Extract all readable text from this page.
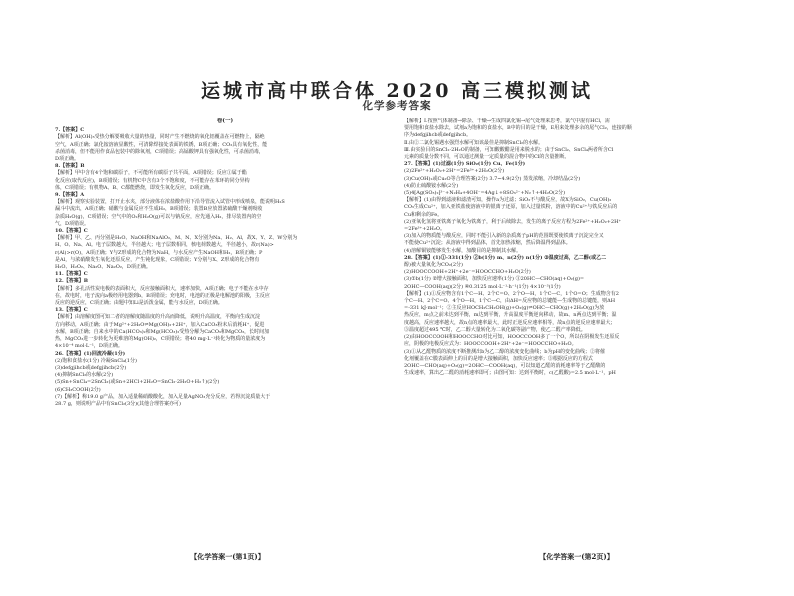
运城市高中联合体 2020 高三模拟测试
化学参考答案
卷(一)

7.【答案】C

【解析】Al(OH)₃受热分解要吸收大量的热量，同时产生不燃烧的氧化铝覆盖在可燃物上，隔绝

空气，A项正确；氯化铵溶液显酸性，可清除焊接处表面的铁锈，B项正确；CO₂具有氧化性，能

杀菌消毒，但不能用作食品包装中的除氧剂，C项错误；高锰酸钾具有强氧化性，可杀菌消毒，

D项正确。

8.【答案】B

【解析】甲中含有4个饱和碳原子，不可能所有碳原子共平面，A项错误；反应①属于酯

化反应(取代反应)，B项错误；有机物C中含有3个不饱和度，不可能存在苯环的同分异构

体，C项错误；有机物A、B、C都能燃烧，即发生氧化反应，D项正确。

9.【答案】A

【解析】观察实验装置，打开止水夹，部分液体在浓盐酸作用下沿导管流入试管中形成喷泉，能说明H₂S

漏斗中流出，A项正确；硝酸与金属反应不生成H₂，B项错误；装置B应放置浓硫酸干燥剂吸收

杂质H₂O(g)，C项错误；空气中的O₂和H₂O(g)可以与钠反应，应先通入H₂，排尽装置内的空

气，D项错误。

10.【答案】C

【解析】甲、乙、丙分别是H₂O、NaOH和NaAlO₂，M、N、X分别为Na、H₂、Al，故X、Y、Z、W分别为

H、O、Na、Al。电子层数越大，半径越大；电子层数相同，核电荷数越大，半径越小，故r(Na)>

r(Al)>r(O)，A项正确；Y与Z形成的化合物为NaH，与水反应产生NaOH和H₂，B项正确；P

是Al，与浓硝酸发生氧化还原反应，产生钝化现象，C项错误；Y分别与X、Z形成的化合物有

H₂O、H₂O₂、Na₂O、Na₂O₂，D项正确。

11.【答案】C

12.【答案】B

【解析】多孔活性炭电极的表面积大，反应接触面积大，速率加快，A项正确；电子不能在水中存

在，故电时，电子流向a极经用电器到b，B项错误；充电时，电池的正极是电解池的阳极，主反应

反应的逆反应，C项正确；由题中知Li是活泼金属，能与水反应，D项正确。

13.【答案】C

【解析】由溶解度图可知二者的溶解度随温度的升高而降低，说明升高温度，平衡向生成沉淀

方向移动，A项正确；由于Mg²⁺+2H₂O⇌Mg(OH)₂+2H⁺，加入CaCO₃粉末后消耗H⁺，促进

水解，B项正确；自来水中的Ca(HCO₃)₂和Mg(HCO₃)₂受热分解为CaCO₃和MgCO₃，长时间加

热，MgCO₃进一步转化为更难溶的Mg(OH)₂，C项错误；将40 mg·L⁻¹转化为物质的量浓度为

4×10⁻⁴ mol·L⁻¹，D项正确。

26.【答案】(1)回流冷凝(1分)

(2)饱和食盐水(1分) 冷凝SnCl₄(1分)

(3)defgjihcb或defgjihcb(2分)

(4)抑制SnCl₂的水解(2分)

(5)Sn+SnCl₄=2SnCl₂(或Sn+2HCl+2H₂O=SnCl₂·2H₂O+H₂↑)(2分)

(6)CH₃COOH(2分)

(7)【解析】称19.0 g产品，加入适量稀硝酸酸化，加入足量AgNO₃充分反应，若得沉淀质量大于

28.7 g，则说明产品中有SnCl₂(3分)(其他合理答案亦可)

【解析】Ⅰ.按照气体制备→除杂、干燥→生成四氯化锡→尾气处理来思考，氯气中混有HCl，需

要用饱和食盐水除去，试剂a为饱和的食盐水，B中的目的是干燥，E用来处理多余的尾气Cl₂，连接的顺

序为defgjihcb或defgjihcb。

Ⅱ.由②二氯化锡遇水强烈水解可知该最佳是抑制SnCl₂的水解。

Ⅲ.由实验目的SnCl₂·2H₂O的制备，可知酸酸醋是用来脱水的；由于SnCl₂、SnCl₄两者所含Cl

元素的质量分数不同，可以通过测量一定质量的混合物中的Cl的含量推断。

27.【答案】(1)过滤(1分) SiO₂(1分) Cu、Fe(1分)

(2)2Fe²⁺+H₂O₂+2H⁺=2Fe³⁺+2H₂O(2分)

(3)Cu(OH)₂或Cu₂O等合理答案(2分) 3.7~4.9(2分) 蒸发浓缩，冷却结晶(2分)

(4)防止硫酸铵水解(2分)

(5)4[Ag(SO₃)₂]³⁻+N₂H₄+4OH⁻=4Ag↓+8SO₃²⁻+N₂↑+4H₂O(2分)

【解析】(1)由得到滤液和滤渣可知，操作a为过滤；SiO₂不与酸反应，故X为SiO₂，Cu(OH)₂

CO₃生成Cu²⁺，加入亚铁盐使溶液中的银离子还原，加入过量铁粉，溶液中的Cu²⁺与铁反应后的

Cu和剩余的Fe。

(2)亚氧化氢将亚铁离子氧化为铁离子，利于后续除去，发生的离子反应方程为2Fe²⁺+H₂O₂+2H⁺

=2Fe³⁺+2H₂O。

(3)加入的物质能与酸反应，同时不能引入新的杂质离子pH的范围既要使铁离子沉淀完全又

不能使Cu²⁺沉淀；从溶液中得到晶体，首先加热浓缩，然后降温得到晶体。

(4)溶解铜铵能够发生水解，加酸目的是抑制其水解。

28.【答案】(1)①-331(1分) ②b(1分) m、n(2分) n(1分) ③温度过高，乙二醇(或乙二

醇)被大量氧化为CO₂(2分)

(2)HOOCCOOH+2H⁺+2e⁻=HOOCCHO+H₂O(2分)

(3)①b(1分) ②增大接触面积，加快反应速率(1分) ③20HC—CHO(aq)+O₂(g)=

2OHC—COOH(aq)(2分) ④0.3125 mol·L⁻¹·h⁻¹(1分) 4×10⁻³(1分)

【解析】(1)①反应物含有1个C—H、2个C=O、2个O—H，1个C—C，1个O=O；生成物含有2

个C—H、2个C=O、4个O—H，1个C—C，由ΔH=反应物的总键能—生成物的总键能，则ΔH

=-331 kJ·mol⁻¹；②主反应HOCH₂CH₂OH(g)+O₂(g)⇌OHC—CHO(g)+2H₂O(g)为放

热反应，m点之前未达到平衡，m达到平衡，升高温度平衡逆向移动，故m、n两点达到平衡；温

度越高，反应速率越大，故n点的速率最大，此时正逆反应速率相等，故n点的逆反应速率最大；

③温度超过495 ℃时，乙二醇大量转化为二氧化碳等副产物，使乙二醛产率降低。

(2)由HOOCCOOH和HOOCCHO对比可知，HOOCCOOH多了一个O，所以在阴极发生还原反

应，阴极的电极反应式为：HOOCCOOH+2H⁺+2e⁻=HOOCCHO+H₂O。

(3)①从乙醛物质的浓度不断推测出b为乙二醇的浓度变化曲线；b为pH的变化曲线；②将催

化剂覆盖在C膜表面伸上的目的是增大接触面积，加快反应速率；③根据反应的方程式

2OHC—CHO(aq)+O₂(g)=2OHC—COOH(aq)，可以知道乙醛的消耗速率等于乙醛酸的

生成速率，算出乙二醛的消耗速率即可；由图可知：达到平衡时，c(乙醛酸)=2.5 mol·L⁻¹，pH

【化学答案一(第1页)】	【化学答案一(第2页)】
